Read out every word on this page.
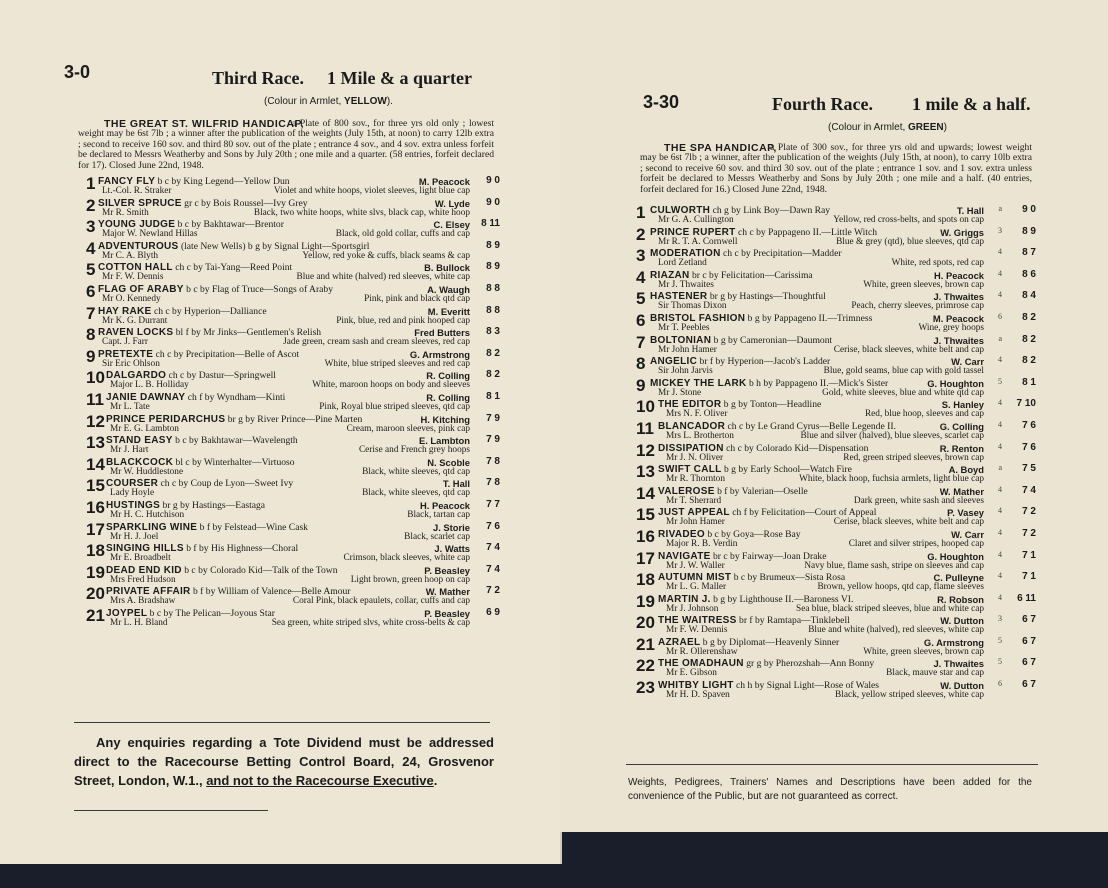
3-0	Third Race. 1 Mile & a quarter
(Colour in Armlet, YELLOW).
THE GREAT ST. WILFRID HANDICAP,
a Plate of 800 sov., for three yrs old only ; lowest weight may be 6st 7lb ; a winner after the publication of the weights (July 15th, at noon) to carry 12lb extra ; second to receive 160 sov. and third 80 sov. out of the plate ; entrance 4 sov., and 4 sov. extra unless forfeit be declared to Messrs Weatherby and Sons by July 20th ; one mile and a quarter. (58 entries, forfeit declared for 17). Closed June 22nd, 1948.
1 FANCY FLY b c by King Legend—Yellow Dun	M. Peacock
Lt.-Col. R. Straker	Violet and white hoops, violet sleeves, light blue cap
9 0
2 SILVER SPRUCE gr c by Bois Roussel—Ivy Grey	W. Lyde
Mr R. Smith	Black, two white hoops, white slvs, black cap, white hoop
9 0
3 YOUNG JUDGE b c by Bakhtawar—Brentor	C. Elsey
Major W. Newland Hillas	Black, old gold collar, cuffs and cap
8 11
4 ADVENTUROUS (late New Wells) b g by Signal Light—Sportsgirl
Mr C. A. Blyth	Yellow, red yoke & cuffs, black seams & cap
8 9
5 COTTON HALL ch c by Tai-Yang—Reed Point	B. Bullock
Mr F. W. Dennis	Blue and white (halved) red sleeves, white cap
8 9
6 FLAG OF ARABY b c by Flag of Truce—Songs of Araby	A. Waugh
Mr O. Kennedy	Pink, pink and black qtd cap
8 8
7 HAY RAKE ch c by Hyperion—Dalliance	M. Everitt
Mr K. G. Durrant	Pink, blue, red and pink hooped cap
8 8
8 RAVEN LOCKS bl f by Mr Jinks—Gentlemen's Relish	Fred Butters
Capt. J. Farr	Jade green, cream sash and cream sleeves, red cap
8 3
9 PRETEXTE ch c by Precipitation—Belle of Ascot	G. Armstrong
Sir Eric Ohlson	White, blue striped sleeves and red cap
8 2
10 DALGARDO ch c by Dastur—Springwell	R. Colling
Major L. B. Holliday	White, maroon hoops on body and sleeves
8 2
11 JANIE DAWNAY ch f by Wyndham—Kinti	R. Colling
Mr L. Tate	Pink, Royal blue striped sleeves, qtd cap
8 1
12 PRINCE PERIDARCHUS br g by River Prince—Pine Marten	H. Kitching
Mr E. G. Lambton	Cream, maroon sleeves, pink cap
7 9
13 STAND EASY b c by Bakhtawar—Wavelength	E. Lambton
Mr J. Hart	Cerise and French grey hoops
7 9
14 BLACKCOCK bl c by Winterhalter—Virtuoso	N. Scoble
Mr W. Huddlestone	Black, white sleeves, qtd cap
7 8
15 COURSER ch c by Coup de Lyon—Sweet Ivy	T. Hall
Lady Hoyle	Black, white sleeves, qtd cap
7 8
16 HUSTINGS br g by Hastings—Eastaga	H. Peacock
Mr H. C. Hutchison	Black, tartan cap
7 7
17 SPARKLING WINE b f by Felstead—Wine Cask	J. Storie
Mr H. J. Joel	Black, scarlet cap
7 6
18 SINGING HILLS b f by His Highness—Choral	J. Watts
Mr E. Broadbelt	Crimson, black sleeves, white cap
7 4
19 DEAD END KID b c by Colorado Kid—Talk of the Town	P. Beasley
Mrs Fred Hudson	Light brown, green hoop on cap
7 4
20 PRIVATE AFFAIR b f by William of Valence—Belle Amour	W. Mather
Mrs A. Bradshaw	Coral Pink, black epaulets, collar, cuffs and cap
7 2
21 JOYPEL b c by The Pelican—Joyous Star	P. Beasley
Mr L. H. Bland	Sea green, white striped slvs, white cross-belts & cap
6 9
Any enquiries regarding a Tote Dividend must be addressed direct to the Racecourse Betting Control Board, 24, Grosvenor Street, London, W.1., and not to the Racecourse Executive.
3-30	Fourth Race. 1 mile & a half.
(Colour in Armlet, GREEN)
THE SPA HANDICAP,
a Plate of 300 sov., for three yrs old and upwards; lowest weight may be 6st 7lb ; a winner, after the publication of the weights (July 15th, at noon), to carry 10lb extra ; second to receive 60 sov. and third 30 sov. out of the plate ; entrance 1 sov. and 1 sov. extra unless forfeit be declared to Messrs Weatherby and Sons by July 20th ; one mile and a half. (40 entries, forfeit declared for 16.) Closed June 22nd, 1948.
1 CULWORTH ch g by Link Boy—Dawn Ray	T. Hall
Mr G. A. Cullington	Yellow, red cross-belts, and spots on cap
a 9 0
2 PRINCE RUPERT ch c by Pappageno II.—Little Witch	W. Griggs
Mr R. T. A. Cornwell	Blue & grey (qtd), blue sleeves, qtd cap
3 8 9
3 MODERATION ch c by Precipitation—Madder
Lord Zetland	White, red spots, red cap
4 8 7
4 RIAZAN br c by Felicitation—Carissima	H. Peacock
Mr J. Thwaites	White, green sleeves, brown cap
4 8 6
5 HASTENER br g by Hastings—Thoughtful	J. Thwaites
Sir Thomas Dixon	Peach, cherry sleeves, primrose cap
4 8 4
6 BRISTOL FASHION b g by Pappageno II.—Trimness	M. Peacock
Mr T. Peebles	Wine, grey hoops
6 8 2
7 BOLTONIAN b g by Cameronian—Daumont	J. Thwaites
Mr John Hamer	Cerise, black sleeves, white belt and cap
a 8 2
8 ANGELIC br f by Hyperion—Jacob's Ladder	W. Carr
Sir John Jarvis	Blue, gold seams, blue cap with gold tassel
4 8 2
9 MICKEY THE LARK b h by Pappageno II.—Mick's Sister	G. Houghton
Mr J. Stone	Gold, white sleeves, blue and white qtd cap
5 8 1
10 THE EDITOR b g by Tonton—Headline	S. Hanley
Mrs N. F. Oliver	Red, blue hoop, sleeves and cap
4 7 10
11 BLANCADOR ch c by Le Grand Cyrus—Belle Legende II.	G. Colling
Mrs L. Brotherton	Blue and silver (halved), blue sleeves, scarlet cap
4 7 6
12 DISSIPATION ch c by Colorado Kid—Dispensation	R. Renton
Mr J. N. Oliver	Red, green striped sleeves, brown cap
4 7 6
13 SWIFT CALL b g by Early School—Watch Fire	A. Boyd
Mr R. Thornton	White, black hoop, fuchsia armlets, light blue cap
a 7 5
14 VALEROSE b f by Valerian—Oselle	W. Mather
Mr T. Sherrard	Dark green, white sash and sleeves
4 7 4
15 JUST APPEAL ch f by Felicitation—Court of Appeal	P. Vasey
Mr John Hamer	Cerise, black sleeves, white belt and cap
4 7 2
16 RIVADEO b c by Goya—Rose Bay	W. Carr
Major R. B. Verdin	Claret and silver stripes, hooped cap
4 7 2
17 NAVIGATE br c by Fairway—Joan Drake	G. Houghton
Mr J. W. Waller	Navy blue, flame sash, stripe on sleeves and cap
4 7 1
18 AUTUMN MIST b c by Brumeux—Sista Rosa	C. Pulleyne
Mr L. G. Maller	Brown, yellow hoops, qtd cap, flame sleeves
4 7 1
19 MARTIN J. b g by Lighthouse II.—Baroness VI.	R. Robson
Mr J. Johnson	Sea blue, black striped sleeves, blue and white cap
4 6 11
20 THE WAITRESS br f by Ramtapa—Tinklebell	W. Dutton
Mr F. W. Dennis	Blue and white (halved), red sleeves, white cap
3 6 7
21 AZRAEL b g by Diplomat—Heavenly Sinner	G. Armstrong
Mr R. Ollerenshaw	White, green sleeves, brown cap
5 6 7
22 THE OMADHAUN gr g by Pherozshah—Ann Bonny	J. Thwaites
Mr E. Gibson	Black, mauve star and cap
5 6 7
23 WHITBY LIGHT ch h by Signal Light—Rose of Wales	W. Dutton
Mr H. D. Spaven	Black, yellow striped sleeves, white cap
6 6 7
Weights, Pedigrees, Trainers' Names and Descriptions have been added for the convenience of the Public, but are not guaranteed as correct.
